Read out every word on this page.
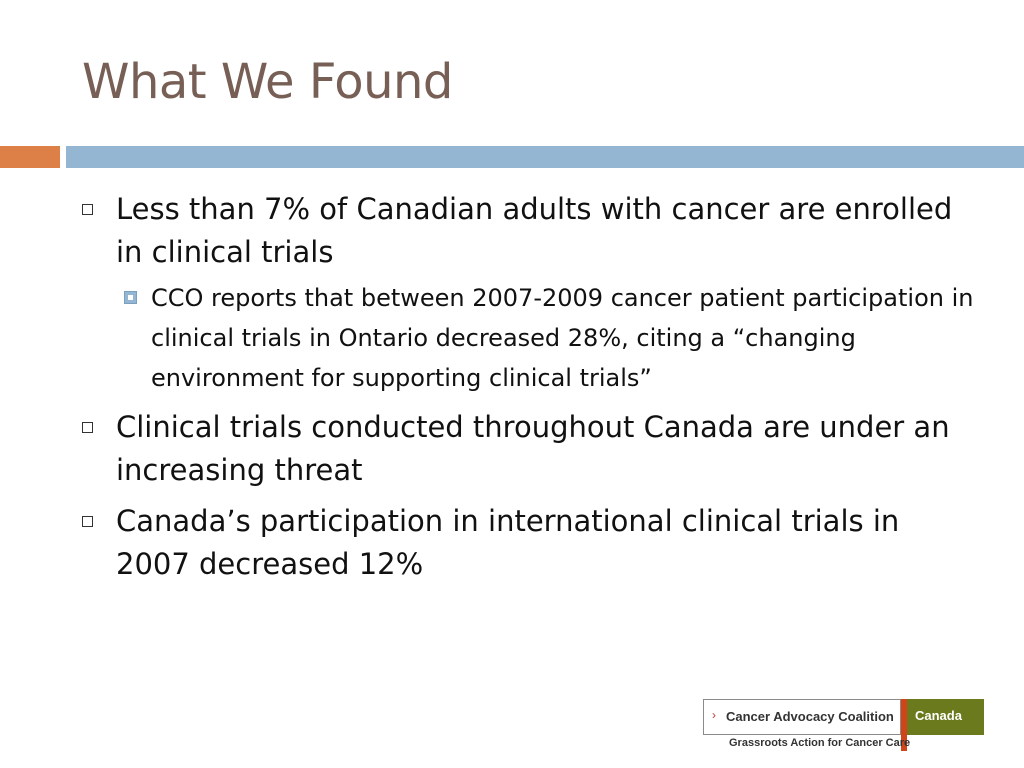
What We Found
Less than 7% of Canadian adults with cancer are enrolled in clinical trials
CCO reports that between 2007-2009 cancer patient participation in clinical trials in Ontario decreased 28%, citing a “changing environment for supporting clinical trials”
Clinical trials conducted throughout Canada are under an increasing threat
Canada’s participation in international clinical trials in 2007 decreased 12%
› Cancer Advocacy Coalition Canada
Grassroots Action for Cancer Care
